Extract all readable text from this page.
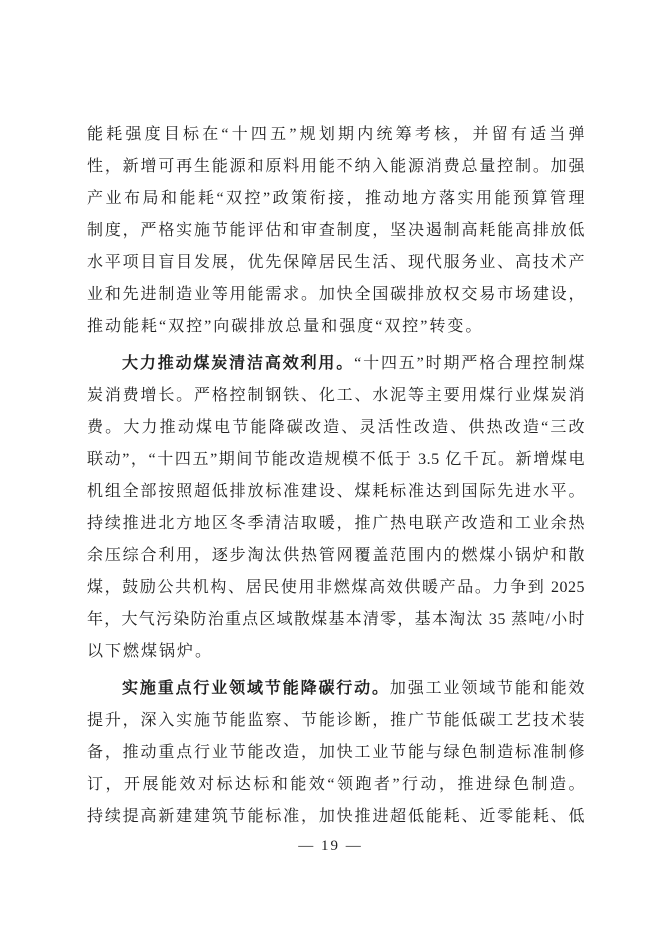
能耗强度目标在“十四五”规划期内统筹考核，并留有适当弹
性，新增可再生能源和原料用能不纳入能源消费总量控制。加强
产业布局和能耗“双控”政策衔接，推动地方落实用能预算管理
制度，严格实施节能评估和审查制度，坚决遏制高耗能高排放低
水平项目盲目发展，优先保障居民生活、现代服务业、高技术产
业和先进制造业等用能需求。加快全国碳排放权交易市场建设，
推动能耗“双控”向碳排放总量和强度“双控”转变。
大力推动煤炭清洁高效利用。“十四五”时期严格合理控制煤
炭消费增长。严格控制钢铁、化工、水泥等主要用煤行业煤炭消
费。大力推动煤电节能降碳改造、灵活性改造、供热改造“三改
联动”，“十四五”期间节能改造规模不低于 3.5 亿千瓦。新增煤电
机组全部按照超低排放标准建设、煤耗标准达到国际先进水平。
持续推进北方地区冬季清洁取暖，推广热电联产改造和工业余热
余压综合利用，逐步淘汰供热管网覆盖范围内的燃煤小锅炉和散
煤，鼓励公共机构、居民使用非燃煤高效供暖产品。力争到 2025
年，大气污染防治重点区域散煤基本清零，基本淘汰 35 蒸吨/小时
以下燃煤锅炉。
实施重点行业领域节能降碳行动。加强工业领域节能和能效
提升，深入实施节能监察、节能诊断，推广节能低碳工艺技术装
备，推动重点行业节能改造，加快工业节能与绿色制造标准制修
订，开展能效对标达标和能效“领跑者”行动，推进绿色制造。
持续提高新建建筑节能标准，加快推进超低能耗、近零能耗、低
— 19 —
